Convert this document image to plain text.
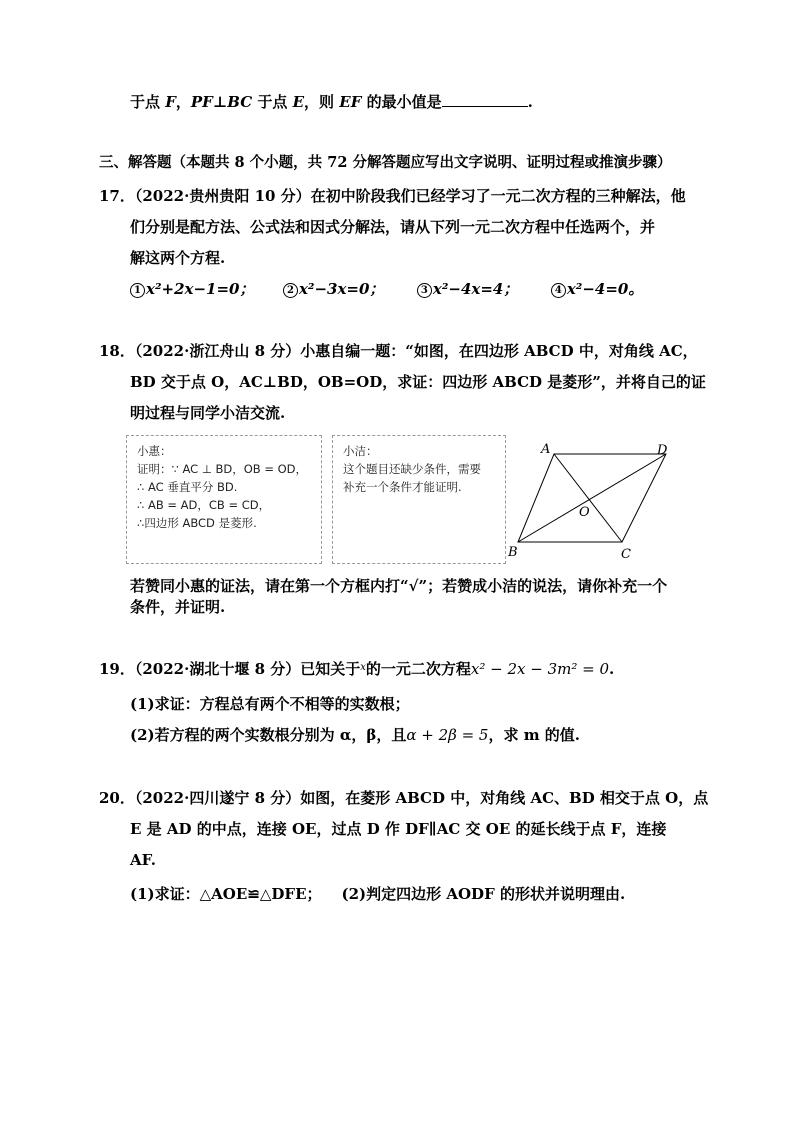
于点 F，PF⊥BC 于点 E，则 EF 的最小值是	.
三、解答题（本题共 8 个小题，共 72 分解答题应写出文字说明、证明过程或推演步骤）
17．（2022·贵州贵阳 10 分）在初中阶段我们已经学习了一元二次方程的三种解法，他
们分别是配方法、公式法和因式分解法，请从下列一元二次方程中任选两个，并
解这两个方程.
1 x²+2x−1=0；	2 x²−3x=0；	3 x²−4x=4；	4 x²−4=0。
18．（2022·浙江舟山 8 分）小惠自编一题：“如图，在四边形 ABCD 中，对角线 AC，
BD 交于点 O，AC⊥BD，OB=OD，求证：四边形 ABCD 是菱形”，并将自己的证
明过程与同学小洁交流.
小惠：
证明：∵ AC ⊥ BD，OB = OD，
∴ AC 垂直平分 BD.
∴ AB = AD，CB = CD，
∴四边形 ABCD 是菱形.
小洁：
这个题目还缺少条件，需要
补充一个条件才能证明.
A	D
B	C
O
若赞同小惠的证法，请在第一个方框内打“√”；若赞成小洁的说法，请你补充一个
条件，并证明.
19．（2022·湖北十堰 8 分）已知关于$^x$的一元二次方程x² − 2x − 3m² = 0.
(1)求证：方程总有两个不相等的实数根；
(2)若方程的两个实数根分别为 α，β，且α + 2β = 5，求 m 的值.
20．（2022·四川遂宁 8 分）如图，在菱形 ABCD 中，对角线 AC、BD 相交于点 O，点
E 是 AD 的中点，连接 OE，过点 D 作 DF∥AC 交 OE 的延长线于点 F，连接
AF.
(1)求证：△AOE≌△DFE； (2)判定四边形 AODF 的形状并说明理由.
